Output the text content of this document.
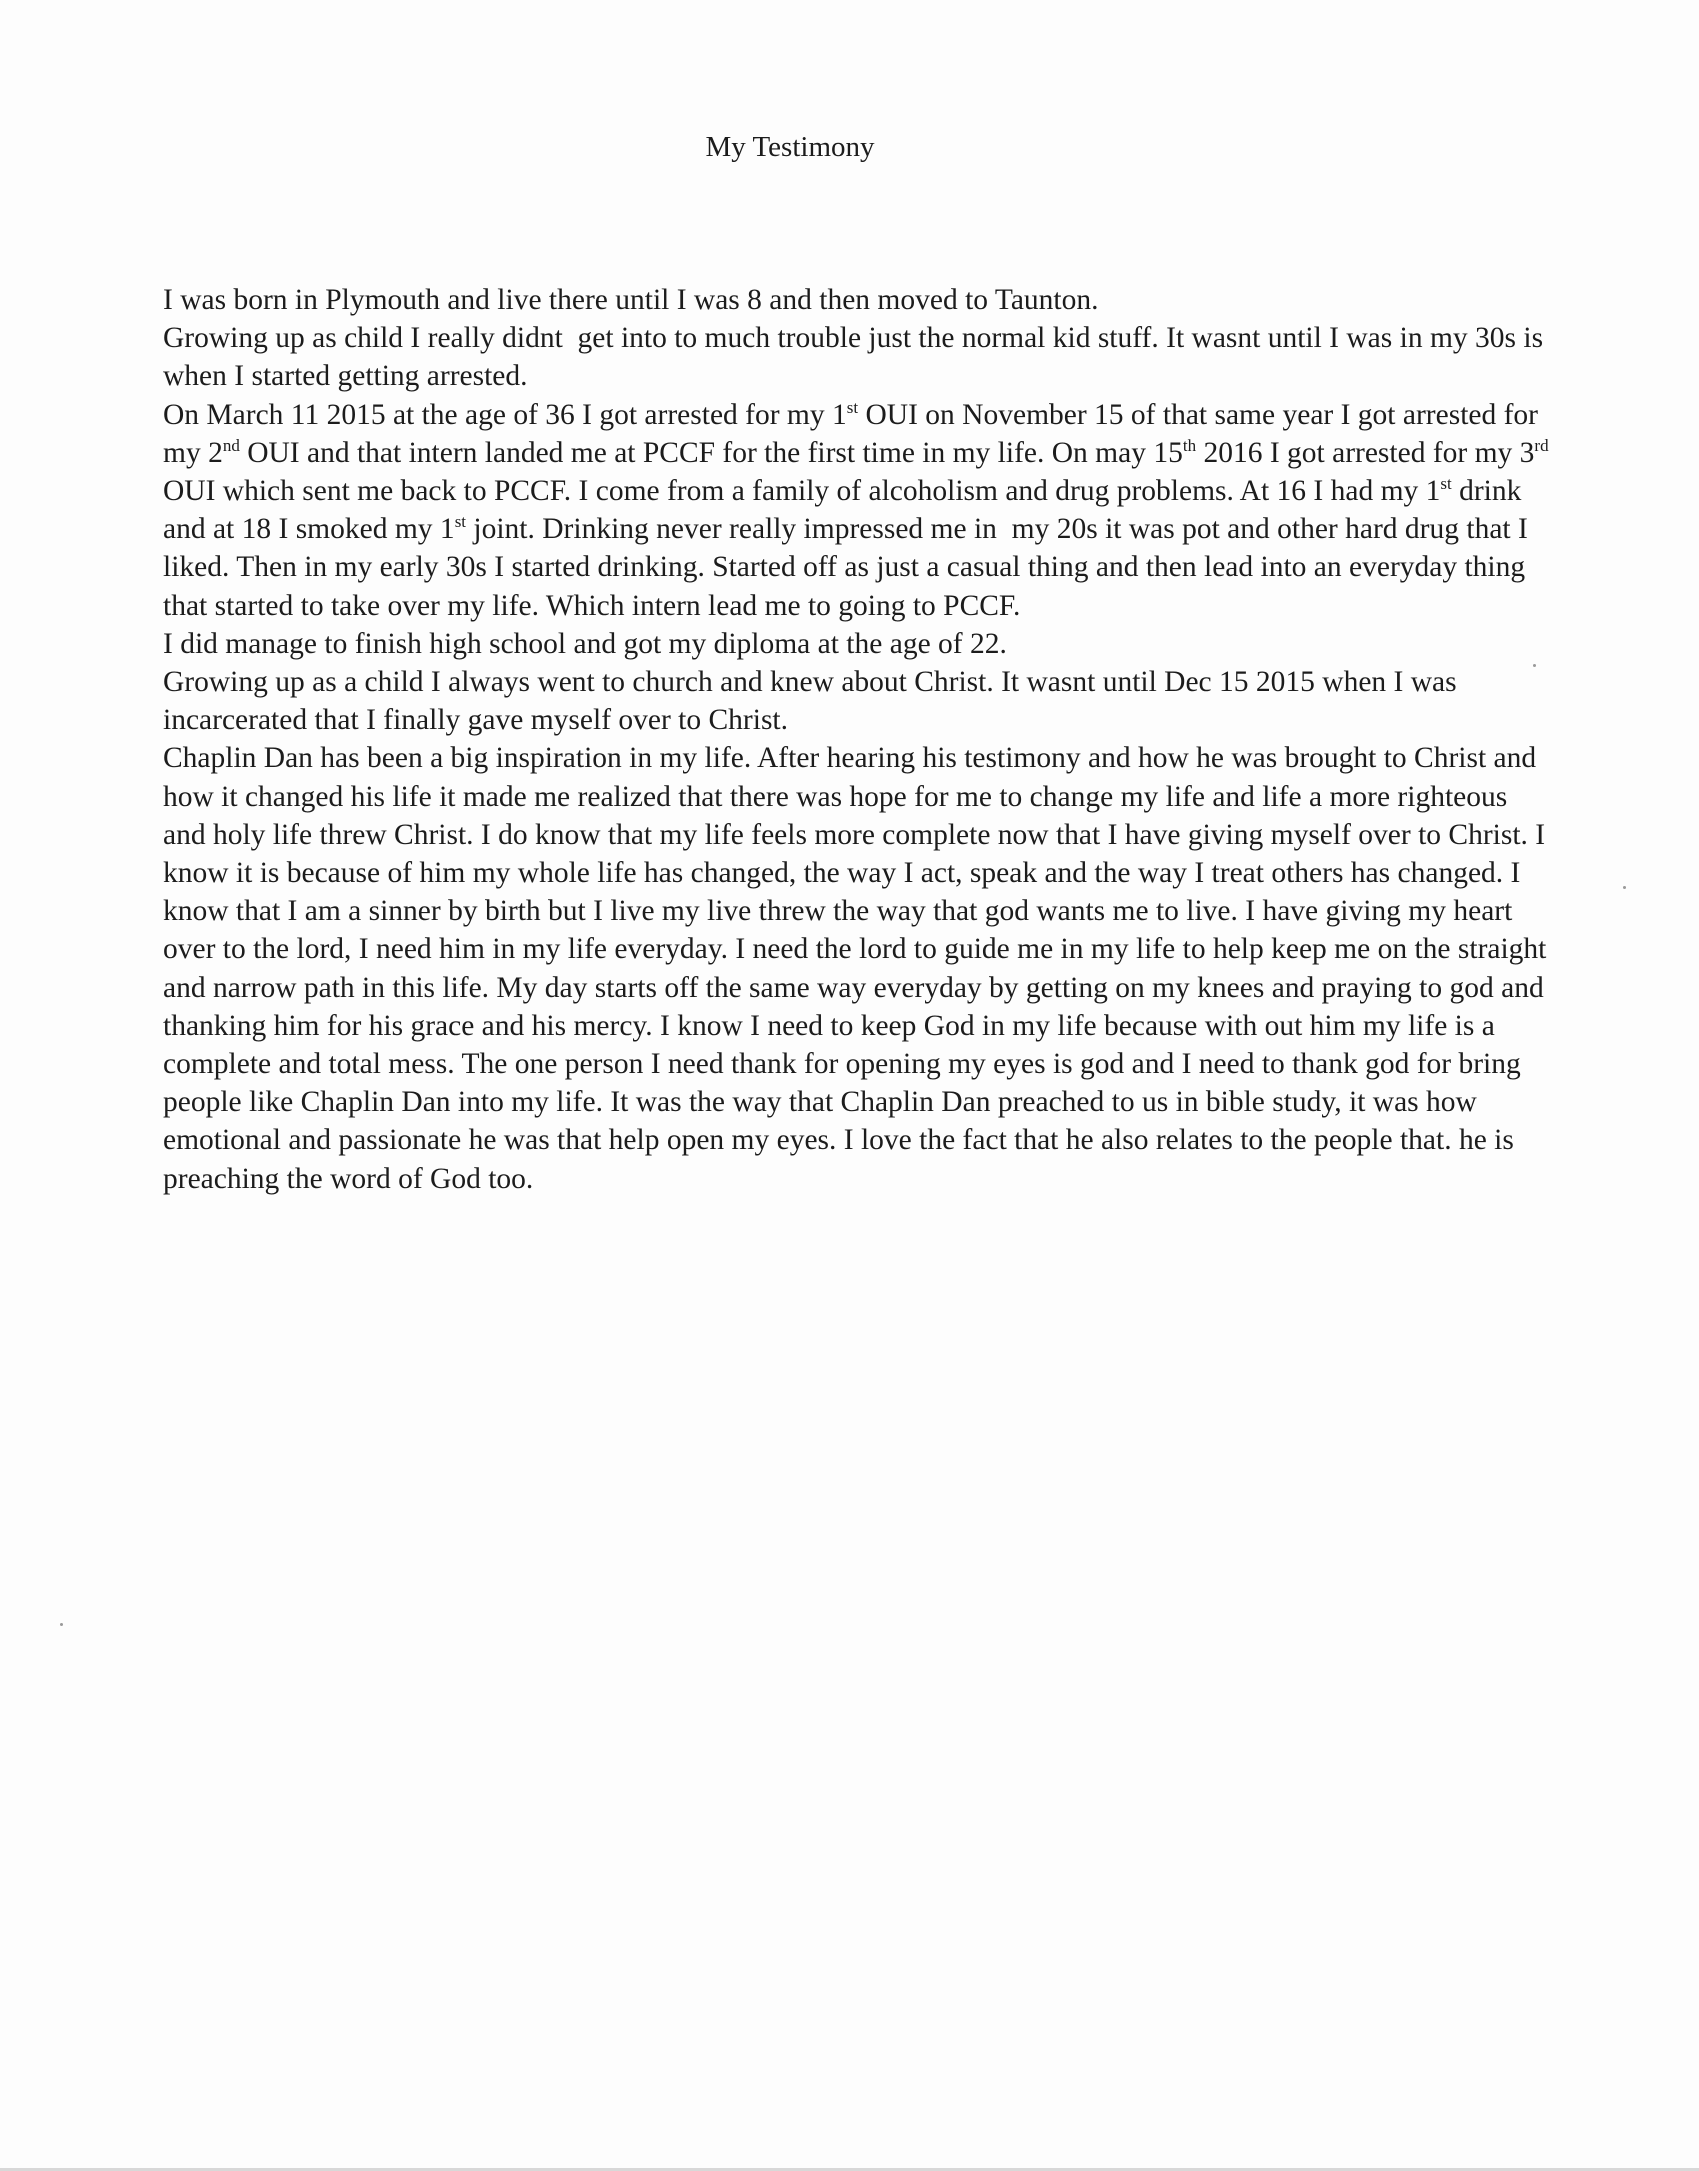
My Testimony

I was born in Plymouth and live there until I was 8 and then moved to Taunton.

Growing up as child I really didnt  get into to much trouble just the normal kid stuff. It wasnt until I was in my 30s is when I started getting arrested.

On March 11 2015 at the age of 36 I got arrested for my 1st OUI on November 15 of that same year I got arrested for my 2nd OUI and that intern landed me at PCCF for the first time in my life. On may 15th 2016 I got arrested for my 3rd OUI which sent me back to PCCF. I come from a family of alcoholism and drug problems. At 16 I had my 1st drink and at 18 I smoked my 1st joint. Drinking never really impressed me in  my 20s it was pot and other hard drug that I liked. Then in my early 30s I started drinking. Started off as just a casual thing and then lead into an everyday thing that started to take over my life. Which intern lead me to going to PCCF.

I did manage to finish high school and got my diploma at the age of 22.

Growing up as a child I always went to church and knew about Christ. It wasnt until Dec 15 2015 when I was incarcerated that I finally gave myself over to Christ.

Chaplin Dan has been a big inspiration in my life. After hearing his testimony and how he was brought to Christ and how it changed his life it made me realized that there was hope for me to change my life and life a more righteous and holy life threw Christ. I do know that my life feels more complete now that I have giving myself over to Christ. I know it is because of him my whole life has changed, the way I act, speak and the way I treat others has changed. I know that I am a sinner by birth but I live my live threw the way that god wants me to live. I have giving my heart over to the lord, I need him in my life everyday. I need the lord to guide me in my life to help keep me on the straight and narrow path in this life. My day starts off the same way everyday by getting on my knees and praying to god and thanking him for his grace and his mercy. I know I need to keep God in my life because with out him my life is a complete and total mess. The one person I need thank for opening my eyes is god and I need to thank god for bring people like Chaplin Dan into my life. It was the way that Chaplin Dan preached to us in bible study, it was how emotional and passionate he was that help open my eyes. I love the fact that he also relates to the people that. he is preaching the word of God too.
